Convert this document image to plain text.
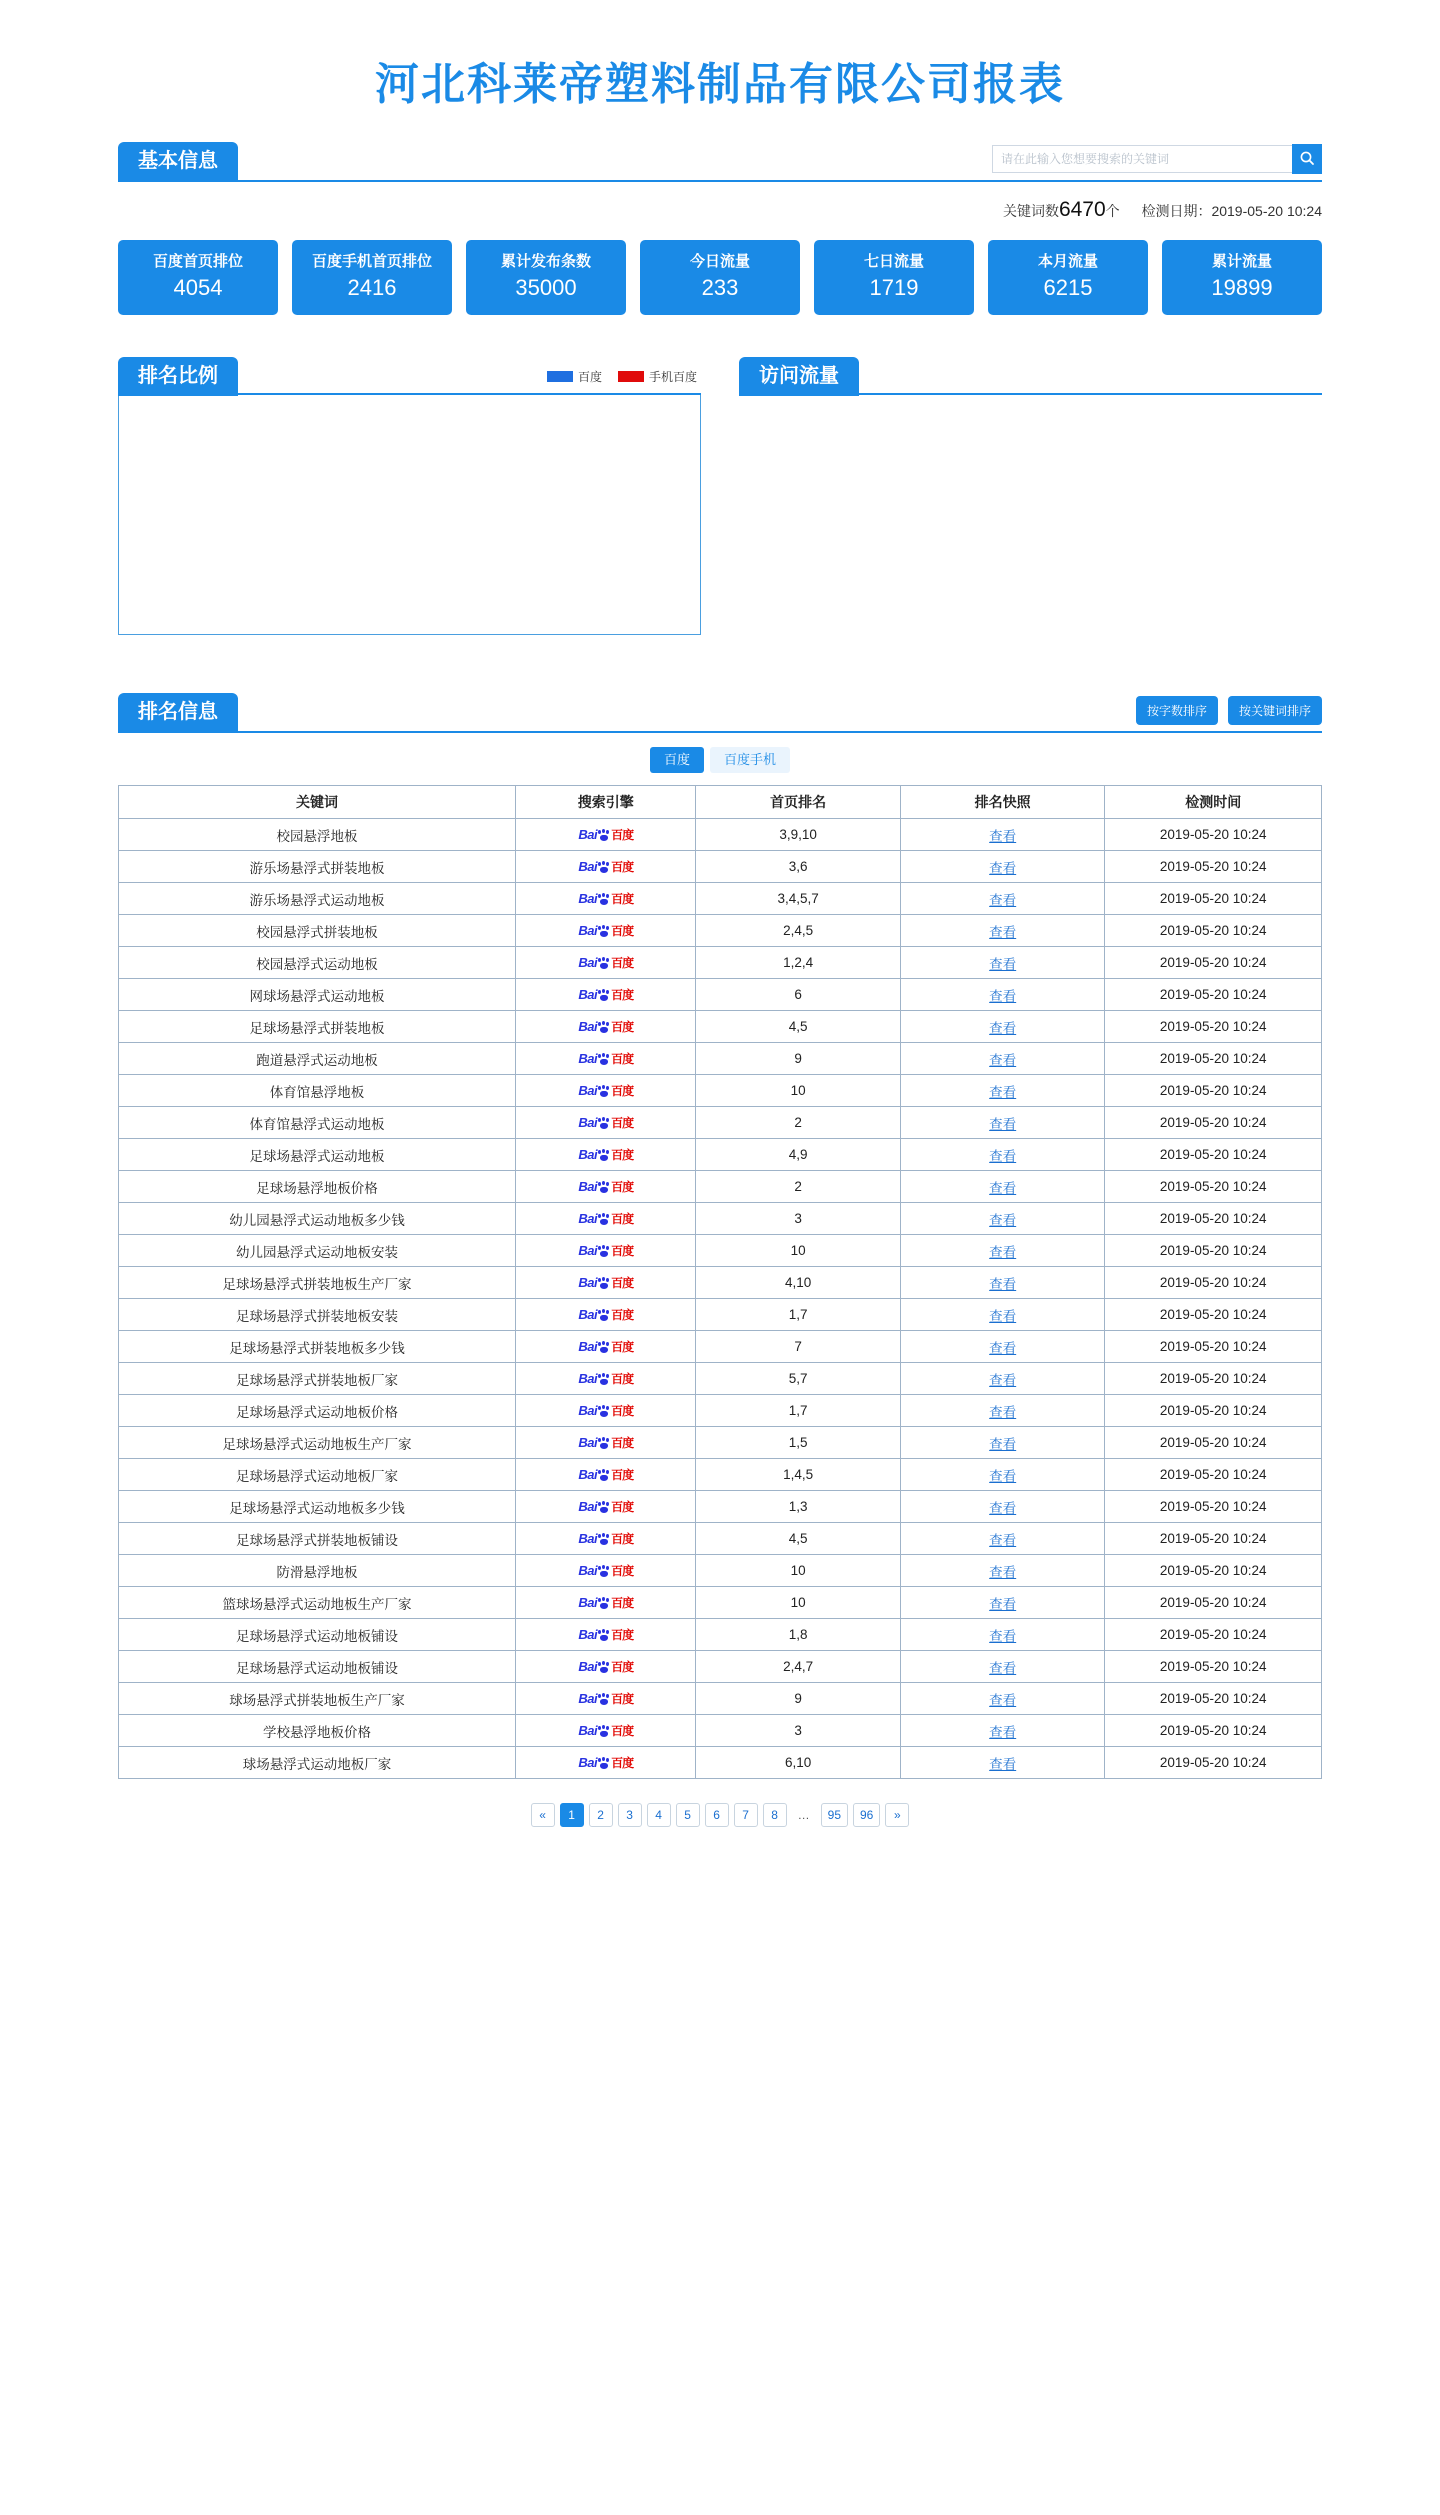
河北科莱帝塑料制品有限公司报表
基本信息
请在此输入您想要搜索的关键词
关键词数6470个 检测日期：2019-05-20 10:24
百度首页排位
4054
百度手机首页排位
2416
累计发布条数
35000
今日流量
233
七日流量
1719
本月流量
6215
累计流量
19899
排名比例	百度	手机百度	访问流量
排名信息	按字数排序	按关键词排序
百度	百度手机
关键词	搜索引擎	首页排名	排名快照	检测时间
校园悬浮地板	Bai 百度	3,9,10	查看	2019-05-20 10:24
游乐场悬浮式拼装地板	Bai 百度	3,6	查看	2019-05-20 10:24
游乐场悬浮式运动地板	Bai 百度	3,4,5,7	查看	2019-05-20 10:24
校园悬浮式拼装地板	Bai 百度	2,4,5	查看	2019-05-20 10:24
校园悬浮式运动地板	Bai 百度	1,2,4	查看	2019-05-20 10:24
网球场悬浮式运动地板	Bai 百度	6	查看	2019-05-20 10:24
足球场悬浮式拼装地板	Bai 百度	4,5	查看	2019-05-20 10:24
跑道悬浮式运动地板	Bai 百度	9	查看	2019-05-20 10:24
体育馆悬浮地板	Bai 百度	10	查看	2019-05-20 10:24
体育馆悬浮式运动地板	Bai 百度	2	查看	2019-05-20 10:24
足球场悬浮式运动地板	Bai 百度	4,9	查看	2019-05-20 10:24
足球场悬浮地板价格	Bai 百度	2	查看	2019-05-20 10:24
幼儿园悬浮式运动地板多少钱	Bai 百度	3	查看	2019-05-20 10:24
幼儿园悬浮式运动地板安装	Bai 百度	10	查看	2019-05-20 10:24
足球场悬浮式拼装地板生产厂家	Bai 百度	4,10	查看	2019-05-20 10:24
足球场悬浮式拼装地板安装	Bai 百度	1,7	查看	2019-05-20 10:24
足球场悬浮式拼装地板多少钱	Bai 百度	7	查看	2019-05-20 10:24
足球场悬浮式拼装地板厂家	Bai 百度	5,7	查看	2019-05-20 10:24
足球场悬浮式运动地板价格	Bai 百度	1,7	查看	2019-05-20 10:24
足球场悬浮式运动地板生产厂家	Bai 百度	1,5	查看	2019-05-20 10:24
足球场悬浮式运动地板厂家	Bai 百度	1,4,5	查看	2019-05-20 10:24
足球场悬浮式运动地板多少钱	Bai 百度	1,3	查看	2019-05-20 10:24
足球场悬浮式拼装地板铺设	Bai 百度	4,5	查看	2019-05-20 10:24
防滑悬浮地板	Bai 百度	10	查看	2019-05-20 10:24
篮球场悬浮式运动地板生产厂家	Bai 百度	10	查看	2019-05-20 10:24
足球场悬浮式运动地板铺设	Bai 百度	1,8	查看	2019-05-20 10:24
足球场悬浮式运动地板铺设	Bai 百度	2,4,7	查看	2019-05-20 10:24
球场悬浮式拼装地板生产厂家	Bai 百度	9	查看	2019-05-20 10:24
学校悬浮地板价格	Bai 百度	3	查看	2019-05-20 10:24
球场悬浮式运动地板厂家	Bai 百度	6,10	查看	2019-05-20 10:24
«	1	2	3	4	5	6	7	8	…	95	96	»
